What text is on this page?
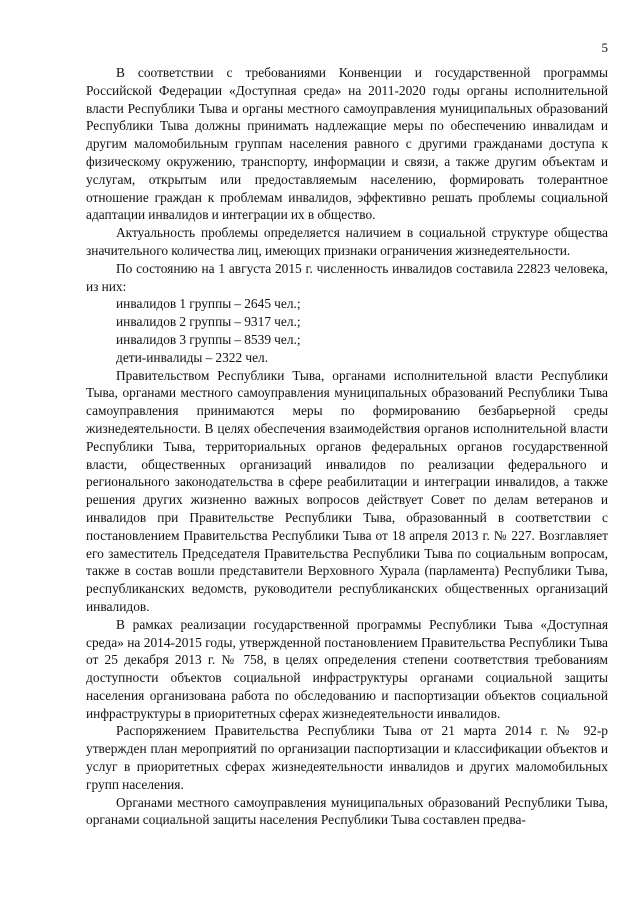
5

В соответствии с требованиями Конвенции и государственной программы Российской Федерации «Доступная среда» на 2011-2020 годы органы исполнительной власти Республики Тыва и органы местного самоуправления муниципальных образований Республики Тыва должны принимать надлежащие меры по обеспечению инвалидам и другим маломобильным группам населения равного с другими гражданами доступа к физическому окружению, транспорту, информации и связи, а также другим объектам и услугам, открытым или предоставляемым населению, формировать толерантное отношение граждан к проблемам инвалидов, эффективно решать проблемы социальной адаптации инвалидов и интеграции их в общество.

Актуальность проблемы определяется наличием в социальной структуре общества значительного количества лиц, имеющих признаки ограничения жизнедеятельности.

По состоянию на 1 августа 2015 г. численность инвалидов составила 22823 человека, из них:

инвалидов 1 группы – 2645 чел.;

инвалидов 2 группы – 9317 чел.;

инвалидов 3 группы – 8539 чел.;

дети-инвалиды – 2322 чел.

Правительством Республики Тыва, органами исполнительной власти Республики Тыва, органами местного самоуправления муниципальных образований Республики Тыва самоуправления принимаются меры по формированию безбарьерной среды жизнедеятельности. В целях обеспечения взаимодействия органов исполнительной власти Республики Тыва, территориальных органов федеральных органов государственной власти, общественных организаций инвалидов по реализации федерального и регионального законодательства в сфере реабилитации и интеграции инвалидов, а также решения других жизненно важных вопросов действует Совет по делам ветеранов и инвалидов при Правительстве Республики Тыва, образованный в соответствии с постановлением Правительства Республики Тыва от 18 апреля 2013 г. № 227. Возглавляет его заместитель Председателя Правительства Республики Тыва по социальным вопросам, также в состав вошли представители Верховного Хурала (парламента) Республики Тыва, республиканских ведомств, руководители республиканских общественных организаций инвалидов.

В рамках реализации государственной программы Республики Тыва «Доступная среда» на 2014-2015 годы, утвержденной постановлением Правительства Республики Тыва от 25 декабря 2013 г. № 758, в целях определения степени соответствия требованиям доступности объектов социальной инфраструктуры органами социальной защиты населения организована работа по обследованию и паспортизации объектов социальной инфраструктуры в приоритетных сферах жизнедеятельности инвалидов.

Распоряжением Правительства Республики Тыва от 21 марта 2014 г. № 92-р утвержден план мероприятий по организации паспортизации и классификации объектов и услуг в приоритетных сферах жизнедеятельности инвалидов и других маломобильных групп населения.

Органами местного самоуправления муниципальных образований Республики Тыва, органами социальной защиты населения Республики Тыва составлен предва-
